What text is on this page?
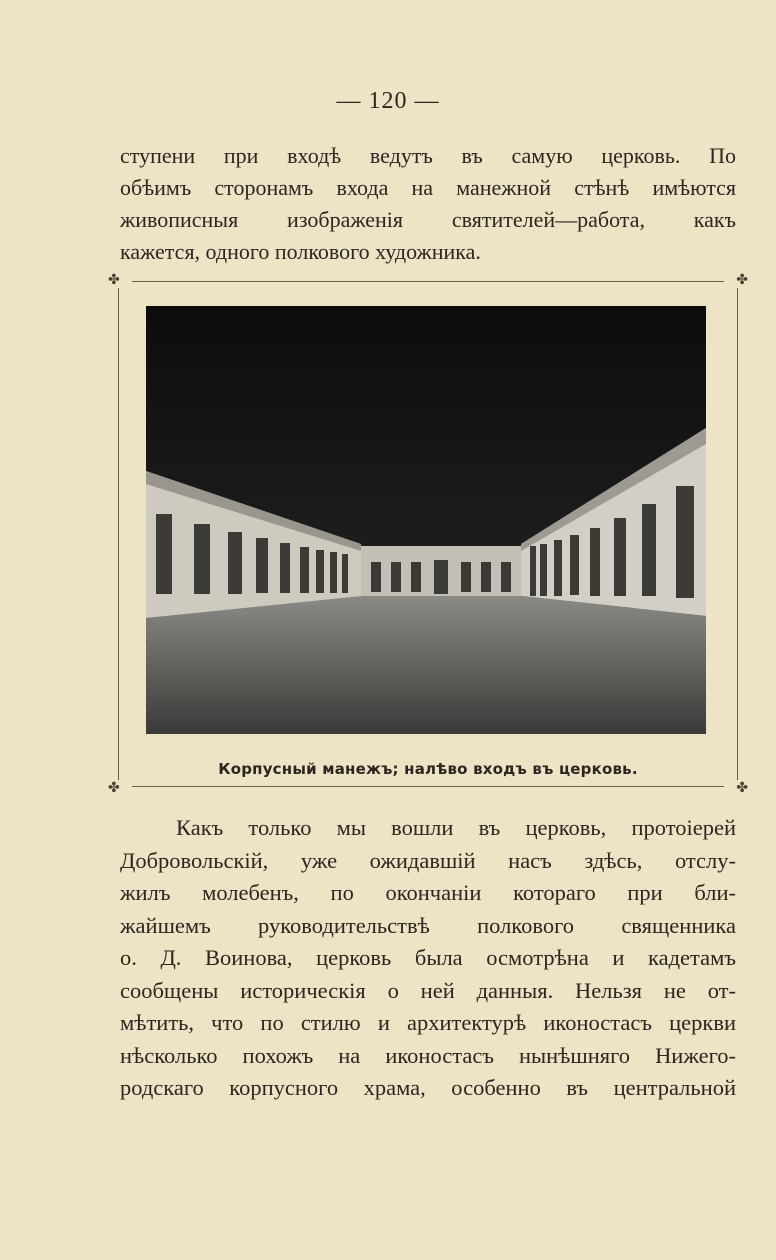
— 120 —

ступени при входѣ ведутъ въ самую церковь. По
обѣимъ сторонамъ входа на манежной стѣнѣ имѣются
живописныя изображенія святителей—работа, какъ
кажется, одного полкового художника.

✤	✤
✤	✤
Корпусный манежъ; налѣво входъ въ церковь.

Какъ только мы вошли въ церковь, протоіерей
Добровольскій, уже ожидавшій насъ здѣсь, отслу-
жилъ молебенъ, по окончаніи котораго при бли-
жайшемъ руководительствѣ полкового священника
о. Д. Воинова, церковь была осмотрѣна и кадетамъ
сообщены историческія о ней данныя. Нельзя не от-
мѣтить, что по стилю и архитектурѣ иконостасъ церкви
нѣсколько похожъ на иконостасъ нынѣшняго Нижего-
родскаго корпусного храма, особенно въ центральной
